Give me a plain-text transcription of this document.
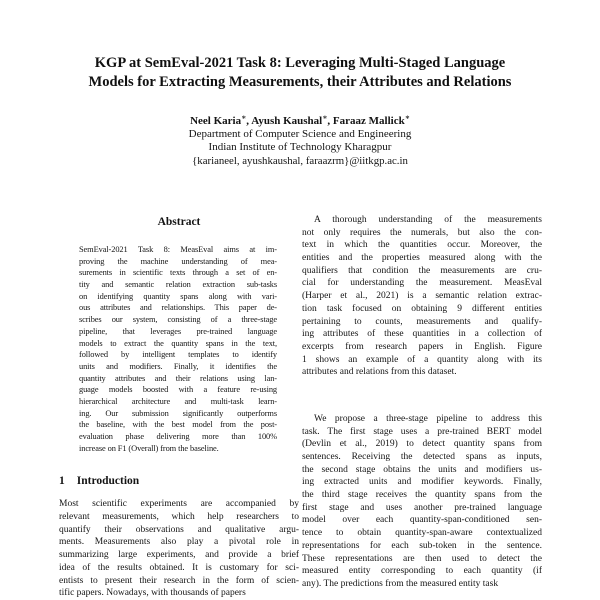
KGP at SemEval-2021 Task 8: Leveraging Multi-Staged Language
Models for Extracting Measurements, their Attributes and Relations
Neel Karia∗, Ayush Kaushal∗, Faraaz Mallick∗
Department of Computer Science and Engineering
Indian Institute of Technology Kharagpur
{karianeel, ayushkaushal, faraazrm}@iitkgp.ac.in
Abstract
SemEval-2021 Task 8: MeasEval aims at im-
proving the machine understanding of mea-
surements in scientific texts through a set of en-
tity and semantic relation extraction sub-tasks
on identifying quantity spans along with vari-
ous attributes and relationships. This paper de-
scribes our system, consisting of a three-stage
pipeline, that leverages pre-trained language
models to extract the quantity spans in the text,
followed by intelligent templates to identify
units and modifiers. Finally, it identifies the
quantity attributes and their relations using lan-
guage models boosted with a feature re-using
hierarchical architecture and multi-task learn-
ing. Our submission significantly outperforms
the baseline, with the best model from the post-
evaluation phase delivering more than 100%
increase on F1 (Overall) from the baseline.
1 Introduction
Most scientific experiments are accompanied by
relevant measurements, which help researchers to
quantify their observations and qualitative argu-
ments. Measurements also play a pivotal role in
summarizing large experiments, and provide a brief
idea of the results obtained. It is customary for sci-
entists to present their research in the form of scien-
tific papers. Nowadays, with thousands of papers
A thorough understanding of the measurements
not only requires the numerals, but also the con-
text in which the quantities occur. Moreover, the
entities and the properties measured along with the
qualifiers that condition the measurements are cru-
cial for understanding the measurement. MeasEval
(Harper et al., 2021) is a semantic relation extrac-
tion task focused on obtaining 9 different entities
pertaining to counts, measurements and qualify-
ing attributes of these quantities in a collection of
excerpts from research papers in English. Figure
1 shows an example of a quantity along with its
attributes and relations from this dataset.
We propose a three-stage pipeline to address this
task. The first stage uses a pre-trained BERT model
(Devlin et al., 2019) to detect quantity spans from
sentences. Receiving the detected spans as inputs,
the second stage obtains the units and modifiers us-
ing extracted units and modifier keywords. Finally,
the third stage receives the quantity spans from the
first stage and uses another pre-trained language
model over each quantity-span-conditioned sen-
tence to obtain quantity-span-aware contextualized
representations for each sub-token in the sentence.
These representations are then used to detect the
measured entity corresponding to each quantity (if
any). The predictions from the measured entity task
